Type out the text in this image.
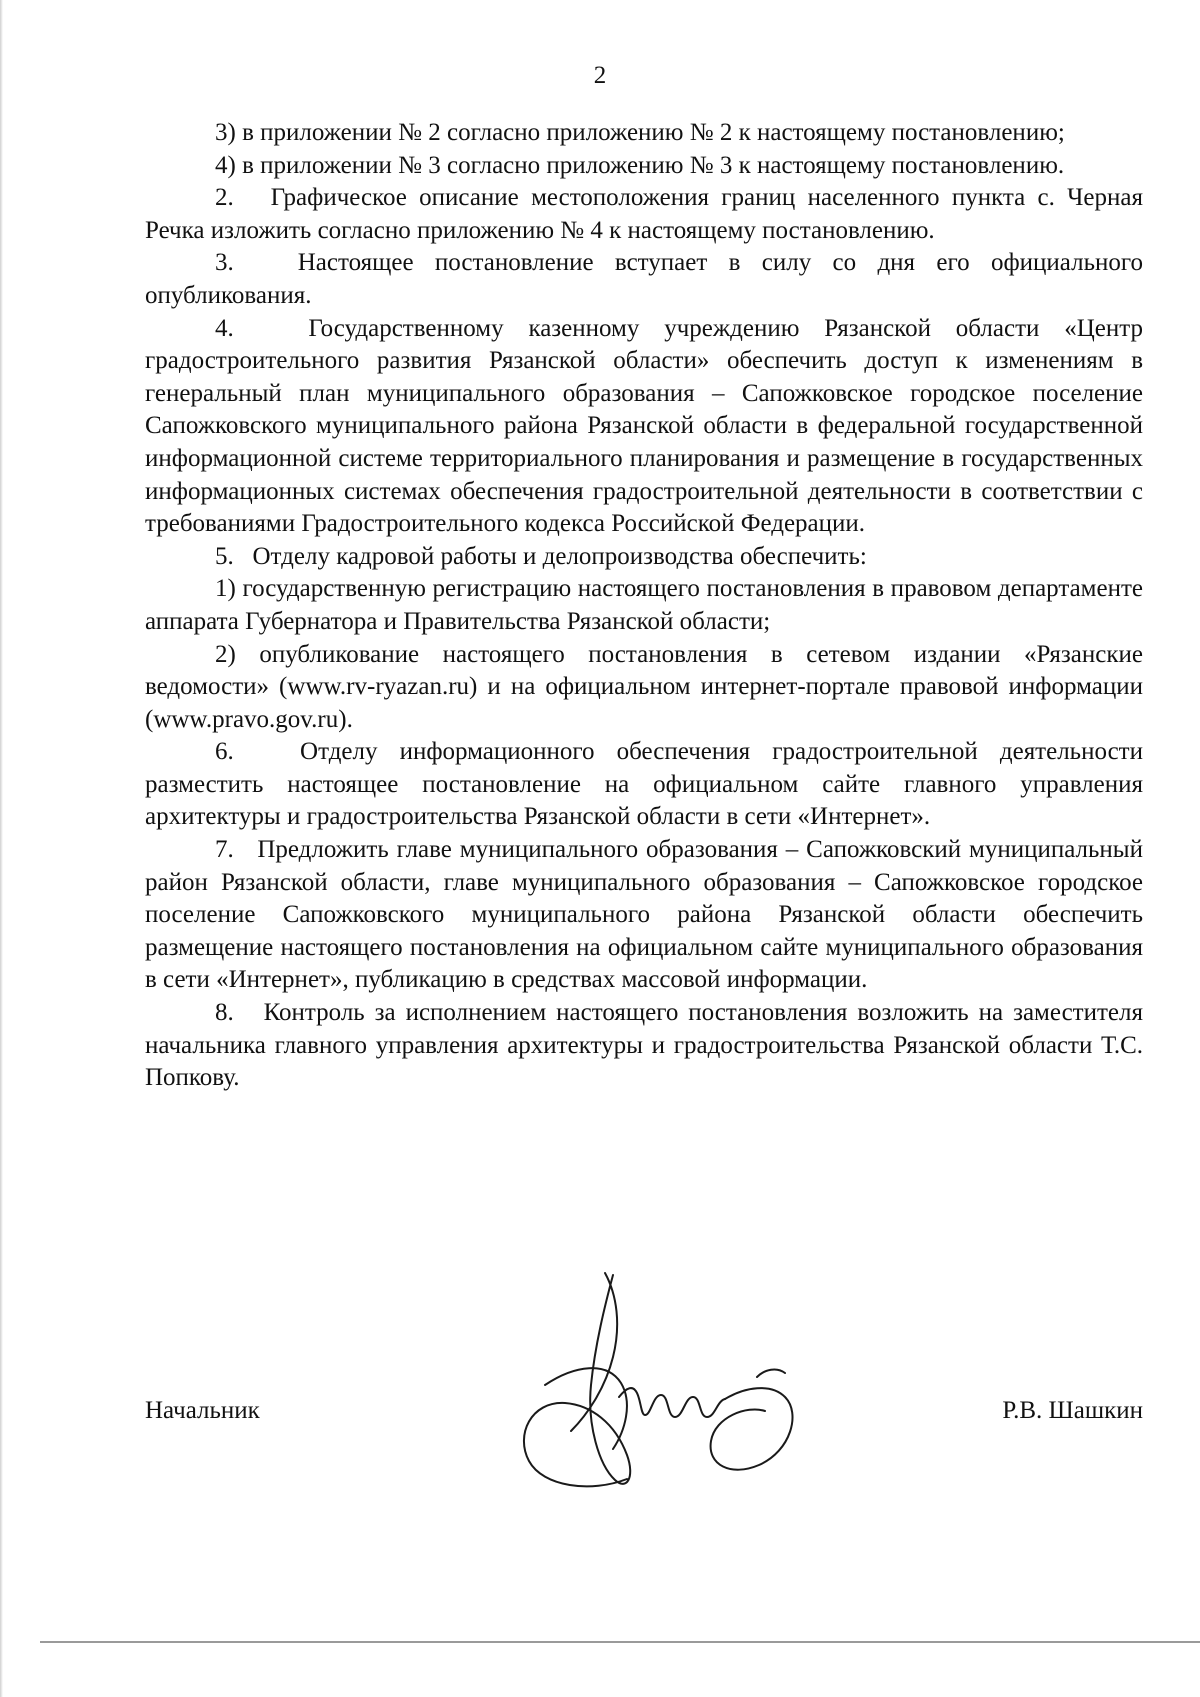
2

3) в приложении № 2 согласно приложению № 2 к настоящему постановлению;

4) в приложении № 3 согласно приложению № 3 к настоящему постановлению.

2.   Графическое описание местоположения границ населенного пункта с. Черная Речка изложить согласно приложению № 4 к настоящему постановлению.

3.   Настоящее постановление вступает в силу со дня его официального опубликования.

4.   Государственному казенному учреждению Рязанской области «Центр градостроительного развития Рязанской области» обеспечить доступ к изменениям в генеральный план муниципального образования – Сапожковское городское поселение Сапожковского муниципального района Рязанской области в федеральной государственной информационной системе территориального планирования и размещение в государственных информационных системах обеспечения градостроительной деятельности в соответствии с требованиями Градостроительного кодекса Российской Федерации.

5.   Отделу кадровой работы и делопроизводства обеспечить:

1) государственную регистрацию настоящего постановления в правовом департаменте аппарата Губернатора и Правительства Рязанской области;

2) опубликование настоящего постановления в сетевом издании «Рязанские ведомости» (www.rv-ryazan.ru) и на официальном интернет-портале правовой информации (www.pravo.gov.ru).

6.   Отделу информационного обеспечения градостроительной деятельности разместить настоящее постановление на официальном сайте главного управления архитектуры и градостроительства Рязанской области в сети «Интернет».

7.   Предложить главе муниципального образования – Сапожковский муниципальный район Рязанской области, главе муниципального образования – Сапожковское городское поселение Сапожковского муниципального района Рязанской области обеспечить размещение настоящего постановления на официальном сайте муниципального образования в сети «Интернет», публикацию в средствах массовой информации.

8.   Контроль за исполнением настоящего постановления возложить на заместителя начальника главного управления архитектуры и градостроительства Рязанской области Т.С. Попкову.

Начальник	Р.В. Шашкин
